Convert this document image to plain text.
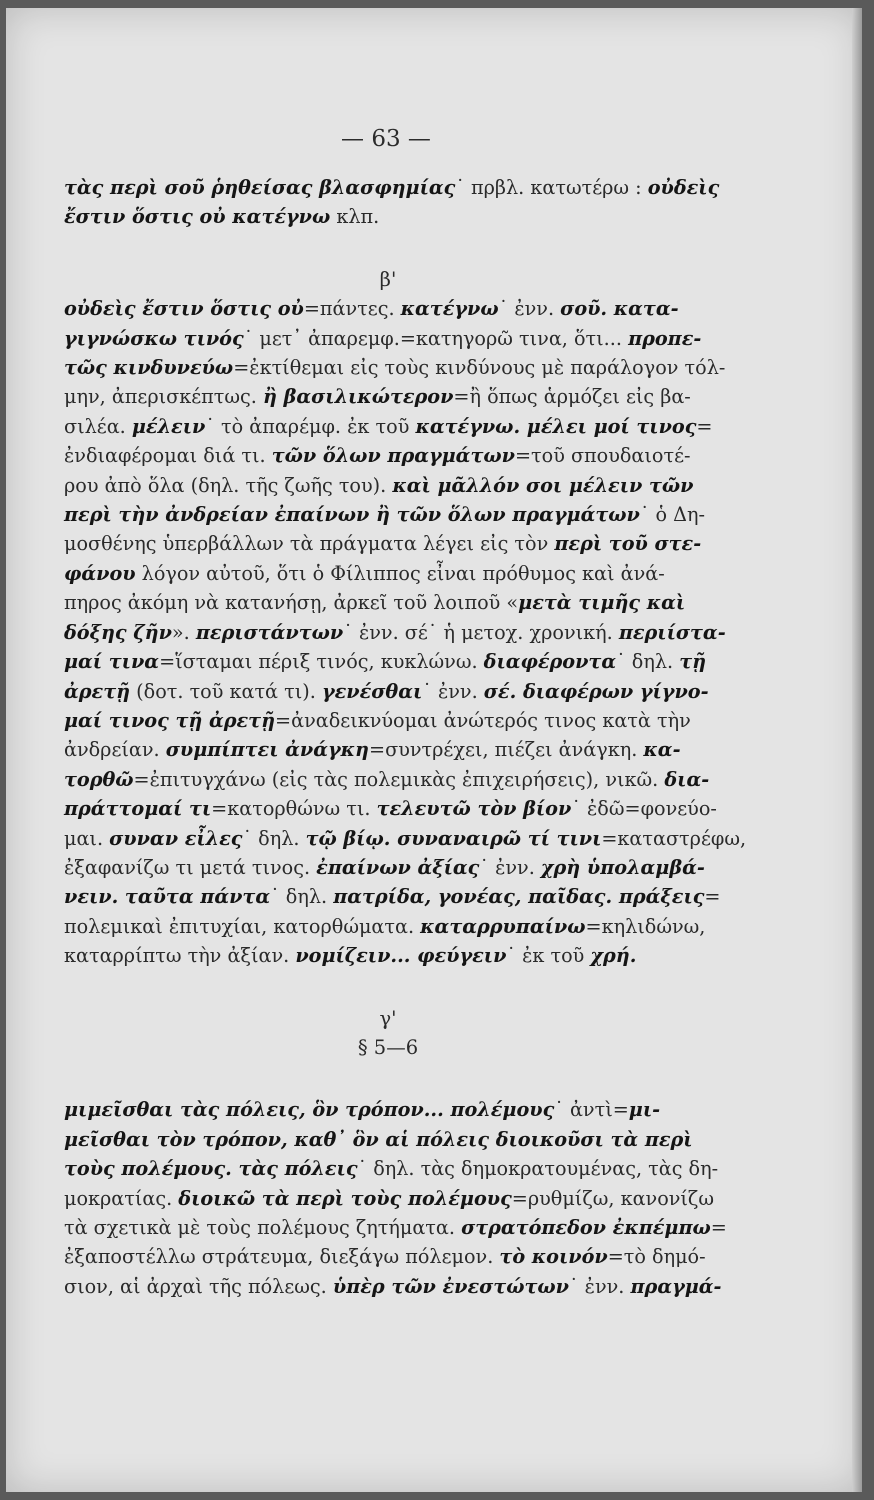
— 63 —
τὰς περὶ σοῦ ῥηθείσας βλασφημίας˙ πρβλ. κατωτέρω : οὐδεὶς
ἔστιν ὅστις οὐ κατέγνω κλπ.
β'
οὐδεὶς ἔστιν ὅστις οὐ=πάντες. κατέγνω˙ ἐνν. σοῦ. κατα-
γιγνώσκω τινός˙ μετ᾽ ἀπαρεμφ.=κατηγορῶ τινα, ὅτι... προπε-
τῶς κινδυνεύω=ἐκτίθεμαι εἰς τοὺς κινδύνους μὲ παράλογον τόλ-
μην, ἀπερισκέπτως. ἢ βασιλικώτερον=ἢ ὅπως ἁρμόζει εἰς βα-
σιλέα. μέλειν˙ τὸ ἀπαρέμφ. ἐκ τοῦ κατέγνω. μέλει μοί τινος=
ἐνδιαφέρομαι διά τι. τῶν ὅλων πραγμάτων=τοῦ σπουδαιοτέ-
ρου ἀπὸ ὅλα (δηλ. τῆς ζωῆς του). καὶ μᾶλλόν σοι μέλειν τῶν
περὶ τὴν ἀνδρείαν ἐπαίνων ἢ τῶν ὅλων πραγμάτων˙ ὁ Δη-
μοσθένης ὑπερβάλλων τὰ πράγματα λέγει εἰς τὸν περὶ τοῦ στε-
φάνου λόγον αὐτοῦ, ὅτι ὁ Φίλιππος εἶναι πρόθυμος καὶ ἀνά-
πηρος ἀκόμη νὰ κατανήσῃ, ἀρκεῖ τοῦ λοιποῦ «μετὰ τιμῆς καὶ
δόξης ζῆν». περιστάντων˙ ἐνν. σέ˙ ἡ μετοχ. χρονική. περιίστα-
μαί τινα=ἵσταμαι πέριξ τινός, κυκλώνω. διαφέροντα˙ δηλ. τῇ
ἀρετῇ (δοτ. τοῦ κατά τι). γενέσθαι˙ ἐνν. σέ. διαφέρων γίγνο-
μαί τινος τῇ ἀρετῇ=ἀναδεικνύομαι ἀνώτερός τινος κατὰ τὴν
ἀνδρείαν. συμπίπτει ἀνάγκη=συντρέχει, πιέζει ἀνάγκη. κα-
τορθῶ=ἐπιτυγχάνω (εἰς τὰς πολεμικὰς ἐπιχειρήσεις), νικῶ. δια-
πράττομαί τι=κατορθώνω τι. τελευτῶ τὸν βίον˙ ἐδῶ=φονεύο-
μαι. συναν εἶλες˙ δηλ. τῷ βίῳ. συναναιρῶ τί τινι=καταστρέφω,
ἐξαφανίζω τι μετά τινος. ἐπαίνων ἀξίας˙ ἐνν. χρὴ ὑπολαμβά-
νειν. ταῦτα πάντα˙ δηλ. πατρίδα, γονέας, παῖδας. πράξεις=
πολεμικαὶ ἐπιτυχίαι, κατορθώματα. καταρρυπαίνω=κηλιδώνω,
καταρρίπτω τὴν ἀξίαν. νομίζειν... φεύγειν˙ ἐκ τοῦ χρή.
γ'
§ 5—6
μιμεῖσθαι τὰς πόλεις, ὃν τρόπον... πολέμους˙ ἀντὶ=μι-
μεῖσθαι τὸν τρόπον, καθ᾽ ὃν αἱ πόλεις διοικοῦσι τὰ περὶ
τοὺς πολέμους. τὰς πόλεις˙ δηλ. τὰς δημοκρατουμένας, τὰς δη-
μοκρατίας. διοικῶ τὰ περὶ τοὺς πολέμους=ρυθμίζω, κανονίζω
τὰ σχετικὰ μὲ τοὺς πολέμους ζητήματα. στρατόπεδον ἐκπέμπω=
ἐξαποστέλλω στράτευμα, διεξάγω πόλεμον. τὸ κοινόν=τὸ δημό-
σιον, αἱ ἀρχαὶ τῆς πόλεως. ὑπὲρ τῶν ἐνεστώτων˙ ἐνν. πραγμά-
